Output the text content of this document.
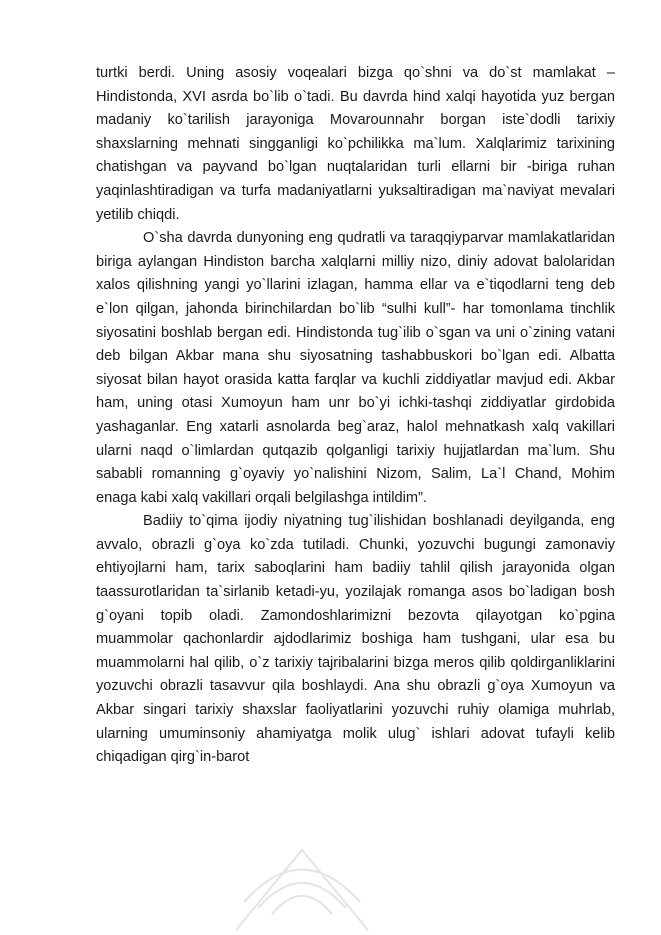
turtki berdi. Uning asosiy voqealari bizga qo`shni va do`st mamlakat – Hindistonda, XVI asrda bo`lib o`tadi. Bu davrda hind xalqi hayotida yuz bergan madaniy ko`tarilish jarayoniga Movarounnahr borgan iste`dodli tarixiy shaxslarning mehnati singganligi ko`pchilikka ma`lum. Xalqlarimiz tarixining chatishgan va payvand bo`lgan nuqtalaridan turli ellarni bir -biriga ruhan yaqinlashtiradigan va turfa madaniyatlarni yuksaltiradigan ma`naviyat mevalari yetilib chiqdi.

O`sha davrda dunyoning eng qudratli va taraqqiyparvar mamlakatlaridan biriga aylangan Hindiston barcha xalqlarni milliy nizo, diniy adovat balolaridan xalos qilishning yangi yo`llarini izlagan, hamma ellar va e`tiqodlarni teng deb e`lon qilgan, jahonda birinchilardan bo`lib “sulhi kull”- har tomonlama tinchlik siyosatini boshlab bergan edi. Hindistonda tug`ilib o`sgan va uni o`zining vatani deb bilgan Akbar mana shu siyosatning tashabbuskori bo`lgan edi. Albatta siyosat bilan hayot orasida katta farqlar va kuchli ziddiyatlar mavjud edi. Akbar ham, uning otasi Xumoyun ham unr bo`yi ichki-tashqi ziddiyatlar girdobida yashaganlar. Eng xatarli asnolarda beg`araz, halol mehnatkash xalq vakillari ularni naqd o`limlardan qutqazib qolganligi tarixiy hujjatlardan ma`lum. Shu sababli romanning g`oyaviy yo`nalishini Nizom, Salim, La`l Chand, Mohim enaga kabi xalq vakillari orqali belgilashga intildim”.

Badiiy to`qima ijodiy niyatning tug`ilishidan boshlanadi deyilganda, eng avvalo, obrazli g`oya ko`zda tutiladi. Chunki, yozuvchi bugungi zamonaviy ehtiyojlarni ham, tarix saboqlarini ham badiiy tahlil qilish jarayonida olgan taassurotlaridan ta`sirlanib ketadi-yu, yozilajak romanga asos bo`ladigan bosh g`oyani topib oladi. Zamondoshlarimizni bezovta qilayotgan ko`pgina muammolar qachonlardir ajdodlarimiz boshiga ham tushgani, ular esa bu muammolarni hal qilib, o`z tarixiy tajribalarini bizga meros qilib qoldirganliklarini yozuvchi obrazli tasavvur qila boshlaydi. Ana shu obrazli g`oya Xumoyun va Akbar singari tarixiy shaxslar faoliyatlarini yozuvchi ruhiy olamiga muhrlab, ularning umuminsoniy ahamiyatga molik ulug` ishlari adovat tufayli kelib chiqadigan qirg`in-barot
